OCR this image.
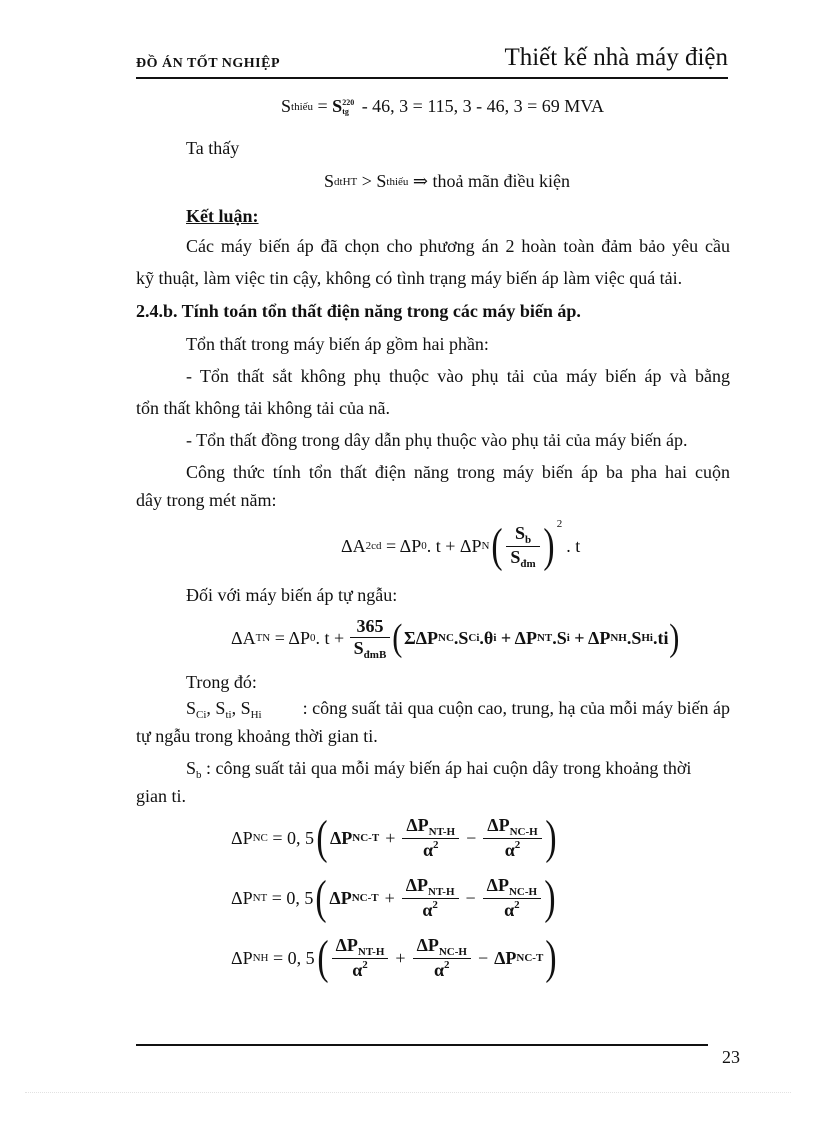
ĐỒ ÁN TỐT NGHIỆP	Thiết kế nhà máy điện
S thiếu = S 220
tg - 46, 3 = 115, 3 - 46, 3 = 69 MVA
Ta thấy
S dtHT > S thiếu ⇒ thoả mãn điều kiện
Kết luận:
Các máy biến áp đã chọn cho phương án 2 hoàn toàn đảm bảo yêu cầu
kỹ thuật, làm việc tin cậy, không có tình trạng máy biến áp làm việc quá tải.
2.4.b. Tính toán tổn thất điện năng trong các máy biến áp.
Tổn thất trong máy biến áp gồm hai phần:
- Tổn thất sắt không phụ thuộc vào phụ tải của máy biến áp và bằng
tổn thất không tải không tải của nã.
- Tổn thất đồng trong dây dẫn phụ thuộc vào phụ tải của máy biến áp.
Công thức tính tổn thất điện năng trong máy biến áp ba pha hai cuộn
dây trong mét năm:
ΔA 2cd = ΔP 0 . t + ΔP N ( $\frac{S_b}{S_{đm}} )^2$
. t
Đối với máy biến áp tự ngẫu:
ΔA TN = ΔP 0 . $t + \frac{365}{S_{đmB}}$ ( ΣΔP NC .S Ci .θ i + ΔP NT .S i + ΔP NH .S Hi .ti )
Trong đó:
$S_{Ci}$, $S_{ti}$, $S_{Hi}$ : công suất tải qua cuộn cao, trung, hạ của mỗi máy biến áp
tự ngẫu trong khoảng thời gian ti.
$S_b$ : công suất tải qua mỗi máy biến áp hai cuộn dây trong khoảng thời
gian ti.
ΔP NC = 0, 5 ( ΔP $NC-T + \frac{\Delta P_{NT-H}}{\alpha^2} - \frac{\Delta P_{NC-H}}{\alpha^2}$ )
ΔP NT = 0, 5 ( ΔP $NC-T + \frac{\Delta P_{NT-H}}{\alpha^2} - \frac{\Delta P_{NC-H}}{\alpha^2}$ )
ΔP NH = 0, 5 ( $\frac{\Delta P_{NT-H}}{\alpha^2} + \frac{\Delta P_{NC-H}}{\alpha^2} - \Delta P$ NC-T )
23
